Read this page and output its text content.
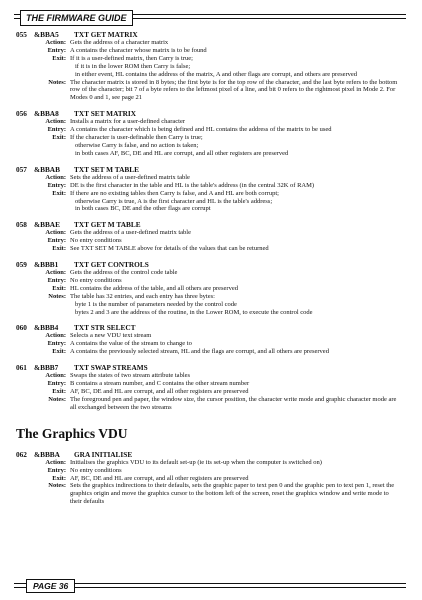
THE FIRMWARE GUIDE
055 &BBA5	TXT GET MATRIX
Action: Gets the address of a character matrix
Entry: A contains the character whose matrix is to be found
Exit: If it is a user-defined matrix, then Carry is true;
if it is in the lower ROM then Carry is false;
in either event, HL contains the address of the matrix, A and other flags are corrupt, and others are preserved
Notes: The character matrix is stored in 8 bytes; the first byte is for the top row of the character, and the last byte refers to the bottom row of the character; bit 7 of a byte refers to the leftmost pixel of a line, and bit 0 refers to the rightmost pixel in Mode 2. For Modes 0 and 1, see page 21
056 &BBA8	TXT SET MATRIX
Action: Installs a matrix for a user-defined character
Entry: A contains the character which is being defined and HL contains the address of the matrix to be used
Exit: If the character is user-definable then Carry is true;
otherwise Carry is false, and no action is taken;
in both cases AF, BC, DE and HL are corrupt, and all other registers are preserved
057 &BBAB	TXT SET M TABLE
Action: Sets the address of a user-defined matrix table
Entry: DE is the first character in the table and HL is the table's address (in the central 32K of RAM)
Exit: If there are no existing tables then Carry is false, and A and HL are both corrupt;
otherwise Carry is true, A is the first character and HL is the table's address;
in both cases BC, DE and the other flags are corrupt
058 &BBAE	TXT GET M TABLE
Action: Gets the address of a user-defined matrix table
Entry: No entry conditions
Exit: See TXT SET M TABLE above for details of the values that can be returned
059 &BBB1	TXT GET CONTROLS
Action: Gets the address of the control code table
Entry: No entry conditions
Exit: HL contains the address of the table, and all others are preserved
Notes: The table has 32 entries, and each entry has three bytes:
byte 1 is the number of parameters needed by the control code
bytes 2 and 3 are the address of the routine, in the Lower ROM, to execute the control code
060 &BBB4	TXT STR SELECT
Action: Selects a new VDU text stream
Entry: A contains the value of the stream to change to
Exit: A contains the previously selected stream, HL and the flags are corrupt, and all others are preserved
061 &BBB7	TXT SWAP STREAMS
Action: Swaps the states of two stream attribute tables
Entry: B contains a stream number, and C contains the other stream number
Exit: AF, BC, DE and HL are corrupt, and all other registers are preserved
Notes: The foreground pen and paper, the window size, the cursor position, the character write mode and graphic character mode are all exchanged between the two streams
The Graphics VDU
062 &BBBA	GRA INITIALISE
Action: Initialises the graphics VDU to its default set-up (ie its set-up when the computer is switched on)
Entry: No entry conditions
Exit: AF, BC, DE and HL are corrupt, and all other registers are preserved
Notes: Sets the graphics indirections to their defaults, sets the graphic paper to text pen 0 and the graphic pen to text pen 1, reset the graphics origin and move the graphics cursor to the bottom left of the screen, reset the graphics window and write mode to their defaults
PAGE 36
